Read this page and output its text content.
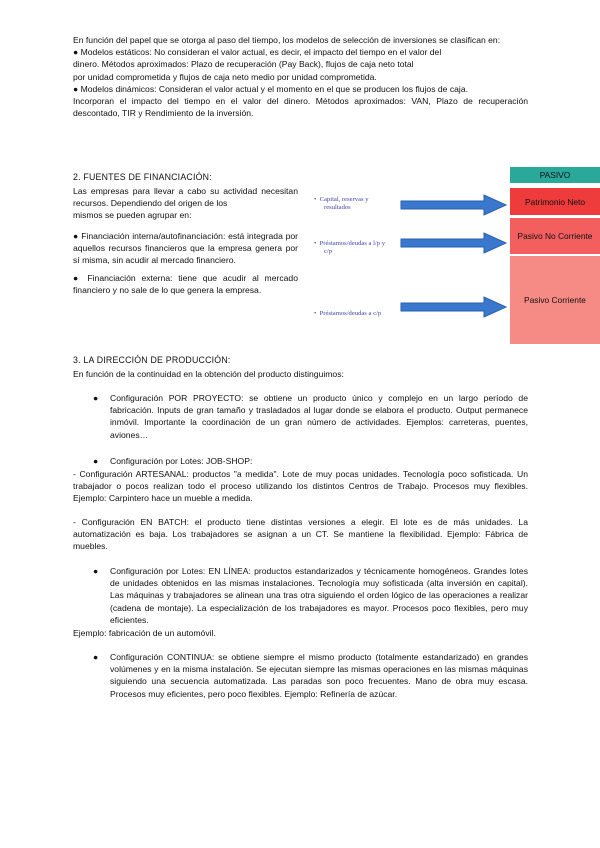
En función del papel que se otorga al paso del tiempo, los modelos de selección de inversiones se clasifican en:

● Modelos estáticos: No consideran el valor actual, es decir, el impacto del tiempo en el valor del

dinero. Métodos aproximados: Plazo de recuperación (Pay Back), flujos de caja neto total

por unidad comprometida y flujos de caja neto medio por unidad comprometida.

● Modelos dinámicos: Consideran el valor actual y el momento en el que se producen los flujos de caja.

Incorporan el impacto del tiempo en el valor del dinero. Métodos aproximados: VAN, Plazo de recuperación descontado, TIR y Rendimiento de la inversión.

2. FUENTES DE FINANCIACIÓN:

Las empresas para llevar a cabo su actividad necesitan recursos. Dependiendo del origen de los

mismos se pueden agrupar en:

● Financiación interna/autofinanciación: está integrada por aquellos recursos financieros que la empresa genera por sí misma, sin acudir al mercado financiero.

● Financiación externa: tiene que acudir al mercado financiero y no sale de lo que genera la empresa.

PASIVO
Patrimonio Neto
Pasivo No Corriente
Pasivo Corriente
• Capital, reservas y
resultados
• Préstamos/deudas a l/p y
c/p
• Préstamos/deudas a c/p
3. LA DIRECCIÓN DE PRODUCCIÓN:
En función de la continuidad en la obtención del producto distinguimos:
● Configuración POR PROYECTO: se obtiene un producto único y complejo en un largo período de fabricación. Inputs de gran tamaño y trasladados al lugar donde se elabora el producto. Output permanece inmóvil. Importante la coordinación de un gran número de actividades. Ejemplos: carreteras, puentes, aviones…
● Configuración por Lotes: JOB-SHOP:
- Configuración ARTESANAL: productos "a medida". Lote de muy pocas unidades. Tecnología poco sofisticada. Un trabajador o pocos realizan todo el proceso utilizando los distintos Centros de Trabajo. Procesos muy flexibles. Ejemplo: Carpintero hace un mueble a medida.
- Configuración EN BATCH: el producto tiene distintas versiones a elegir. El lote es de más unidades. La automatización es baja. Los trabajadores se asignan a un CT. Se mantiene la flexibilidad. Ejemplo: Fábrica de muebles.
● Configuración por Lotes: EN LÍNEA: productos estandarizados y técnicamente homogéneos. Grandes lotes de unidades obtenidos en las mismas instalaciones. Tecnología muy sofisticada (alta inversión en capital). Las máquinas y trabajadores se alinean una tras otra siguiendo el orden lógico de las operaciones a realizar (cadena de montaje). La especialización de los trabajadores es mayor. Procesos poco flexibles, pero muy eficientes.
Ejemplo: fabricación de un automóvil.
● Configuración CONTINUA: se obtiene siempre el mismo producto (totalmente estandarizado) en grandes volúmenes y en la misma instalación. Se ejecutan siempre las mismas operaciones en las mismas máquinas siguiendo una secuencia automatizada. Las paradas son poco frecuentes. Mano de obra muy escasa. Procesos muy eficientes, pero poco flexibles. Ejemplo: Refinería de azúcar.
